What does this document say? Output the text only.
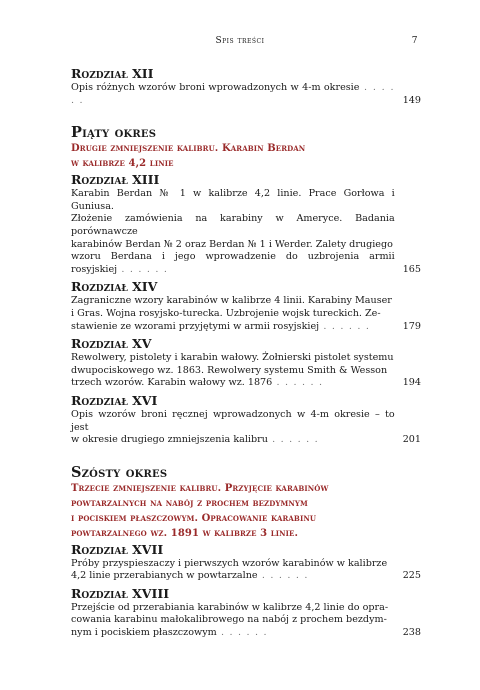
Spis treści	7
Rozdział XII
Opis różnych wzorów broni wprowadzonych w 4-m okresie . . . . . .	149
Piąty okres
Drugie zmniejszenie kalibru. Karabin Berdan
w kalibrze 4,2 linie
Rozdział XIII
Karabin Berdan № 1 w kalibrze 4,2 linie. Prace Gorłowa i Guniusa.
Złożenie zamówienia na karabiny w Ameryce. Badania porównawcze
karabinów Berdan № 2 oraz Berdan № 1 i Werder. Zalety drugiego
wzoru Berdana i jego wprowadzenie do uzbrojenia armii rosyjskiej . . . . . .	165
Rozdział XIV
Zagraniczne wzory karabinów w kalibrze 4 linii. Karabiny Mauser
i Gras. Wojna rosyjsko-turecka. Uzbrojenie wojsk tureckich. Ze-
stawienie ze wzorami przyjętymi w armii rosyjskiej . . . . . .	179
Rozdział XV
Rewolwery, pistolety i karabin wałowy. Żołnierski pistolet systemu
dwupociskowego wz. 1863. Rewolwery systemu Smith & Wesson
trzech wzorów. Karabin wałowy wz. 1876 . . . . . .	194
Rozdział XVI
Opis wzorów broni ręcznej wprowadzonych w 4-m okresie – to jest
w okresie drugiego zmniejszenia kalibru . . . . . .	201
Szósty okres
Trzecie zmniejszenie kalibru. Przyjęcie karabinów
powtarzalnych na nabój z prochem bezdymnym
i pociskiem płaszczowym. Opracowanie karabinu
powtarzalnego wz. 1891 w kalibrze 3 linie.
Rozdział XVII
Próby przyspieszaczy i pierwszych wzorów karabinów w kalibrze
4,2 linie przerabianych w powtarzalne . . . . . .	225
Rozdział XVIII
Przejście od przerabiania karabinów w kalibrze 4,2 linie do opra-
cowania karabinu małokalibrowego na nabój z prochem bezdym-
nym i pociskiem płaszczowym . . . . . .	238
